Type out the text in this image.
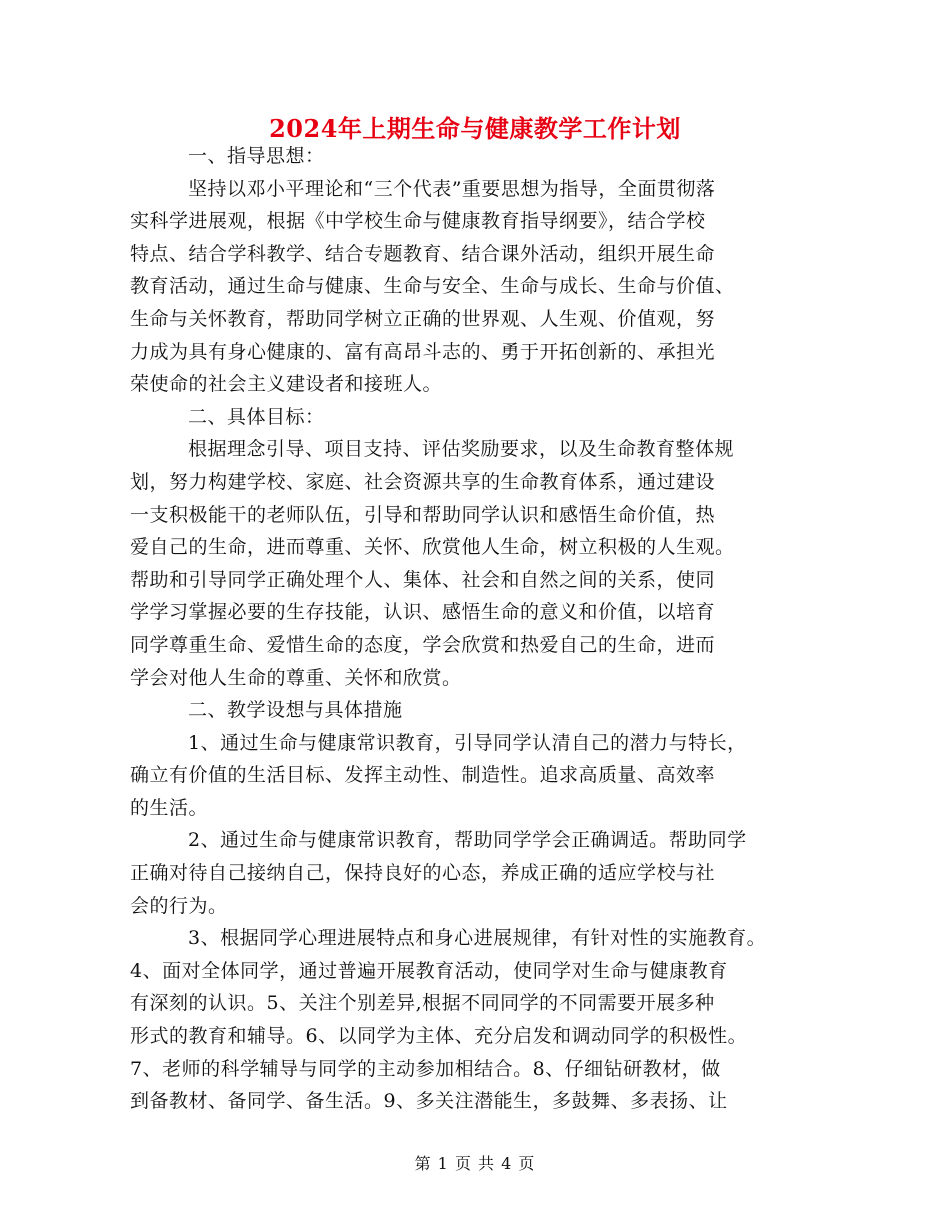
2024年上期生命与健康教学工作计划
一、指导思想：
坚持以邓小平理论和“三个代表”重要思想为指导，全面贯彻落
实科学进展观，根据《中学校生命与健康教育指导纲要》，结合学校
特点、结合学科教学、结合专题教育、结合课外活动，组织开展生命
教育活动，通过生命与健康、生命与安全、生命与成长、生命与价值、
生命与关怀教育，帮助同学树立正确的世界观、人生观、价值观，努
力成为具有身心健康的、富有高昂斗志的、勇于开拓创新的、承担光
荣使命的社会主义建设者和接班人。
二、具体目标：
根据理念引导、项目支持、评估奖励要求，以及生命教育整体规
划，努力构建学校、家庭、社会资源共享的生命教育体系，通过建设
一支积极能干的老师队伍，引导和帮助同学认识和感悟生命价值，热
爱自己的生命，进而尊重、关怀、欣赏他人生命，树立积极的人生观。
帮助和引导同学正确处理个人、集体、社会和自然之间的关系，使同
学学习掌握必要的生存技能，认识、感悟生命的意义和价值，以培育
同学尊重生命、爱惜生命的态度，学会欣赏和热爱自己的生命，进而
学会对他人生命的尊重、关怀和欣赏。
二、教学设想与具体措施
1、通过生命与健康常识教育，引导同学认清自己的潜力与特长，
确立有价值的生活目标、发挥主动性、制造性。追求高质量、高效率
的生活。
2、通过生命与健康常识教育，帮助同学学会正确调适。帮助同学
正确对待自己接纳自己，保持良好的心态，养成正确的适应学校与社
会的行为。
3、根据同学心理进展特点和身心进展规律，有针对性的实施教育。
4、面对全体同学，通过普遍开展教育活动，使同学对生命与健康教育
有深刻的认识。5、关注个别差异,根据不同同学的不同需要开展多种
形式的教育和辅导。6、以同学为主体、充分启发和调动同学的积极性。
7、老师的科学辅导与同学的主动参加相结合。8、仔细钻研教材，做
到备教材、备同学、备生活。9、多关注潜能生，多鼓舞、多表扬、让
第 1 页 共 4 页
